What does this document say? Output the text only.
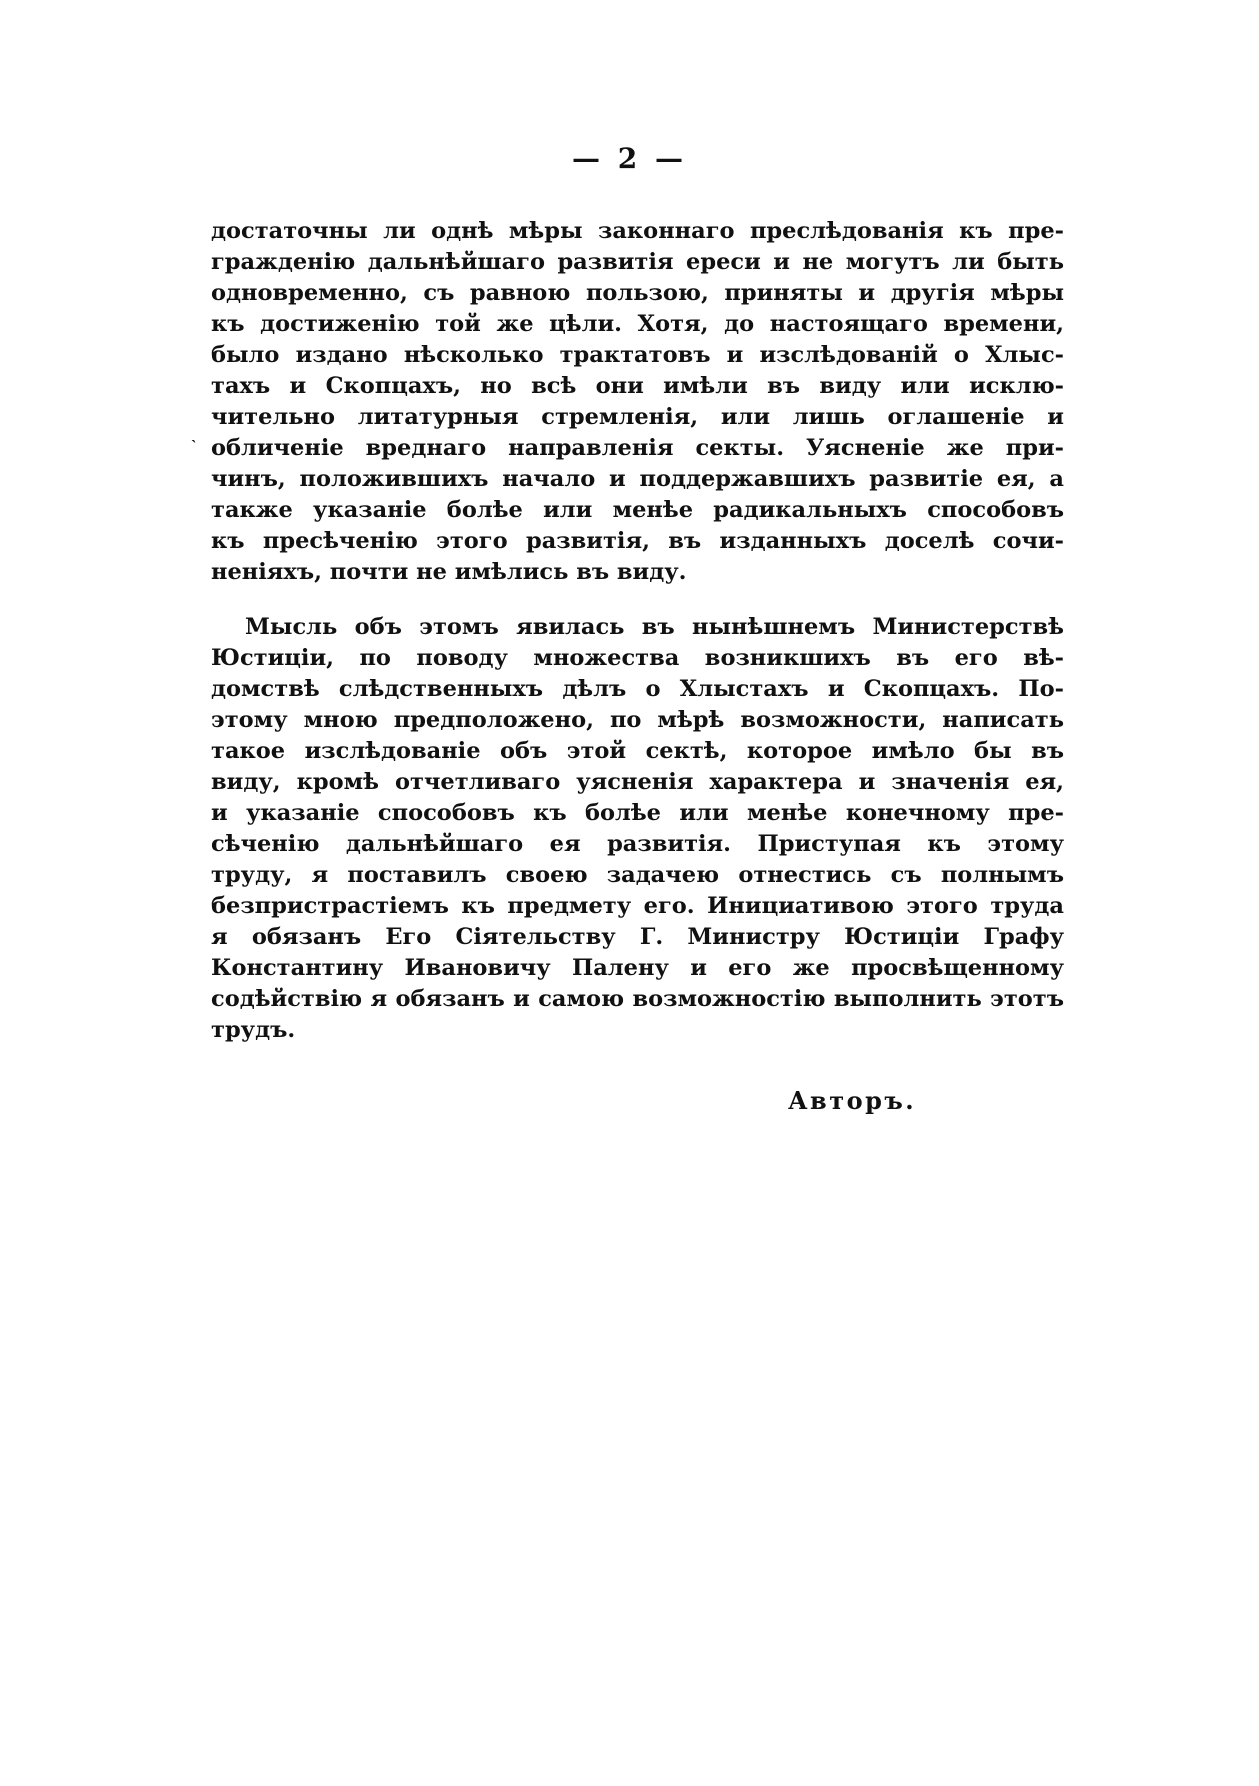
— 2 —
ˎ
достаточны ли однѣ мѣры законнаго преслѣдованія къ пре-
гражденію дальнѣйшаго развитія ереси и не могутъ ли быть
одновременно, съ равною пользою, приняты и другія мѣры
къ достиженію той же цѣли. Хотя, до настоящаго времени,
было издано нѣсколько трактатовъ и изслѣдованій о Хлыс-
тахъ и Скопцахъ, но всѣ они имѣли въ виду или исклю-
чительно литатурныя стремленія, или лишь оглашеніе и
обличеніе вреднаго направленія секты. Уясненіе же при-
чинъ, положившихъ начало и поддержавшихъ развитіе ея, а
также указаніе болѣе или менѣе радикальныхъ способовъ
къ пресѣченію этого развитія, въ изданныхъ доселѣ сочи-
неніяхъ, почти не имѣлись въ виду.
Мысль объ этомъ явилась въ нынѣшнемъ Министерствѣ
Юстиціи, по поводу множества возникшихъ въ его вѣ-
домствѣ слѣдственныхъ дѣлъ о Хлыстахъ и Скопцахъ. По-
этому мною предположено, по мѣрѣ возможности, написать
такое изслѣдованіе объ этой сектѣ, которое имѣло бы въ
виду, кромѣ отчетливаго уясненія характера и значенія ея,
и указаніе способовъ къ болѣе или менѣе конечному пре-
сѣченію дальнѣйшаго ея развитія. Приступая къ этому
труду, я поставилъ своею задачею отнестись съ полнымъ
безпристрастіемъ къ предмету его. Инициативою этого труда
я обязанъ Его Сіятельству Г. Министру Юстиціи Графу
Константину Ивановичу Палену и его же просвѣщенному
содѣйствію я обязанъ и самою возможностію выполнить этотъ
трудъ.
Авторъ.
